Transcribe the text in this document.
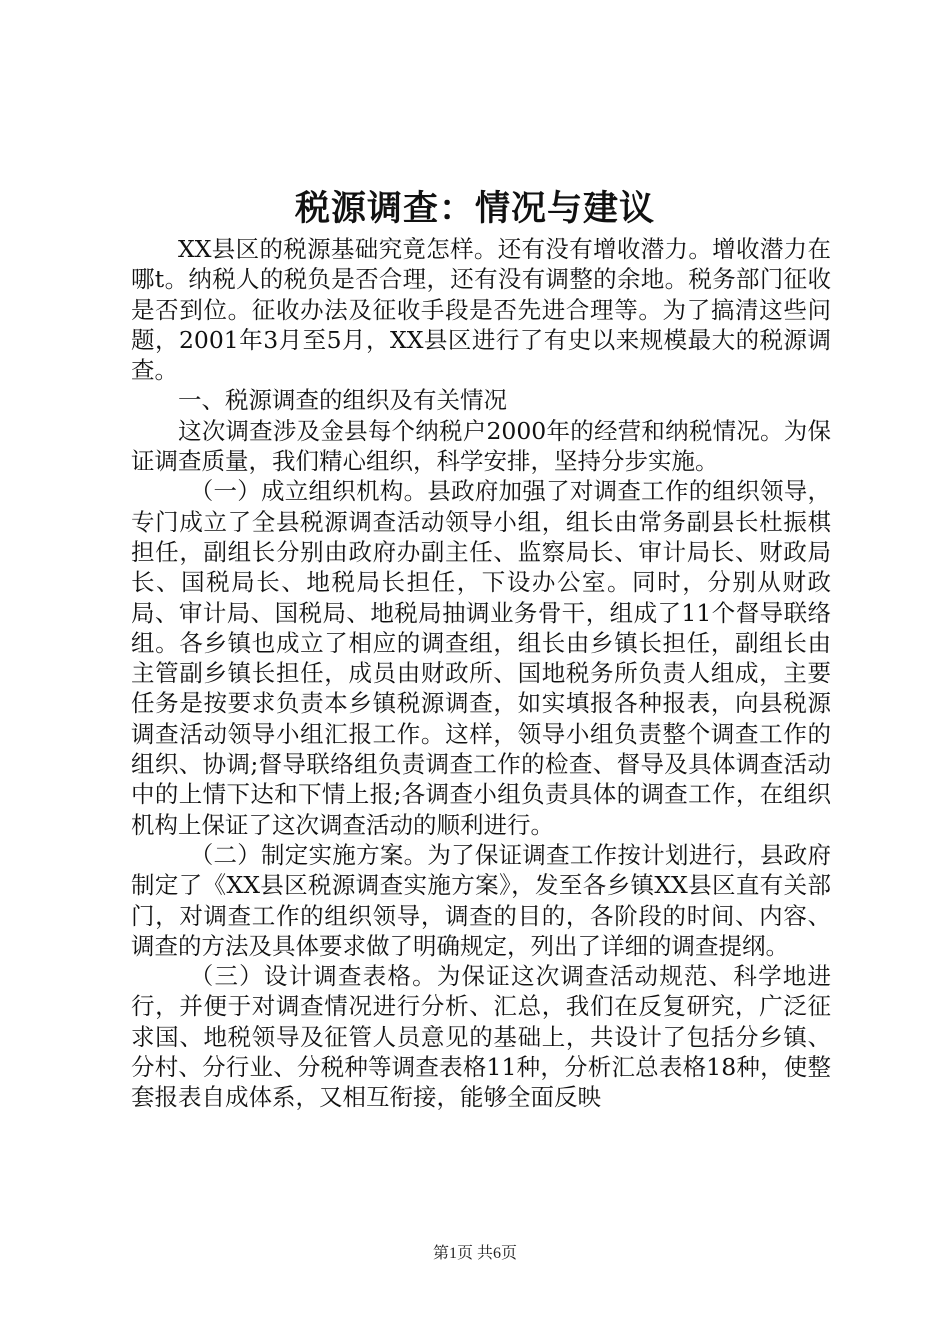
税源调查：情况与建议

XX县区的税源基础究竟怎样。还有没有增收潜力。增收潜力在哪t。纳税人的税负是否合理，还有没有调整的余地。税务部门征收是否到位。征收办法及征收手段是否先进合理等。为了搞清这些问题，2001年3月至5月，XX县区进行了有史以来规模最大的税源调查。

一、税源调查的组织及有关情况

这次调查涉及金县每个纳税户2000年的经营和纳税情况。为保证调查质量，我们精心组织，科学安排，坚持分步实施。

（一）成立组织机构。县政府加强了对调查工作的组织领导，专门成立了全县税源调查活动领导小组，组长由常务副县长杜振棋担任，副组长分别由政府办副主任、监察局长、审计局长、财政局长、国税局长、地税局长担任，下设办公室。同时，分别从财政局、审计局、国税局、地税局抽调业务骨干，组成了11个督导联络组。各乡镇也成立了相应的调查组，组长由乡镇长担任，副组长由主管副乡镇长担任，成员由财政所、国地税务所负责人组成，主要任务是按要求负责本乡镇税源调查，如实填报各种报表，向县税源调查活动领导小组汇报工作。这样，领导小组负责整个调查工作的组织、协调;督导联络组负责调查工作的检查、督导及具体调查活动中的上情下达和下情上报;各调查小组负责具体的调查工作，在组织机构上保证了这次调查活动的顺利进行。

（二）制定实施方案。为了保证调查工作按计划进行，县政府制定了《XX县区税源调查实施方案》，发至各乡镇XX县区直有关部门，对调查工作的组织领导，调查的目的，各阶段的时间、内容、调查的方法及具体要求做了明确规定，列出了详细的调查提纲。

（三）设计调查表格。为保证这次调查活动规范、科学地进行，并便于对调查情况进行分析、汇总，我们在反复研究，广泛征求国、地税领导及征管人员意见的基础上，共设计了包括分乡镇、分村、分行业、分税种等调查表格11种，分析汇总表格18种，使整套报表自成体系，又相互衔接，能够全面反映

第1页 共6页
